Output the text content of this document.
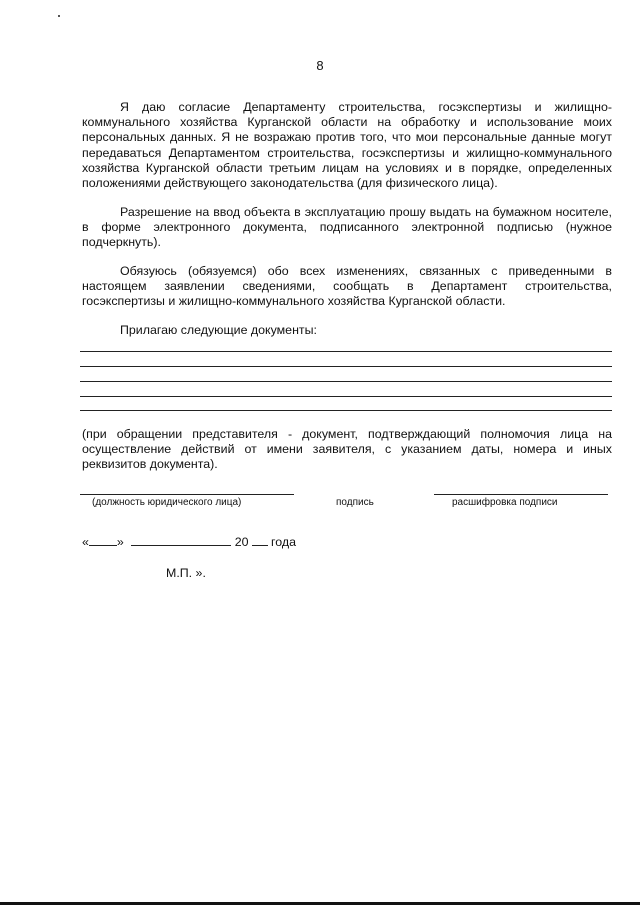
8

Я даю согласие Департаменту строительства, госэкспертизы и жилищно-коммунального хозяйства Курганской области на обработку и использование моих персональных данных. Я не возражаю против того, что мои персональные данные могут передаваться Департаментом строительства, госэкспертизы и жилищно-коммунального хозяйства Курганской области третьим лицам на условиях и в порядке, определенных положениями действующего законодательства (для физического лица).

Разрешение на ввод объекта в эксплуатацию прошу выдать на бумажном носителе, в форме электронного документа, подписанного электронной подписью (нужное подчеркнуть).

Обязуюсь (обязуемся) обо всех изменениях, связанных с приведенными в настоящем заявлении сведениями, сообщать в Департамент строительства, госэкспертизы и жилищно-коммунального хозяйства Курганской области.

Прилагаю следующие документы:

(при обращении представителя - документ, подтверждающий полномочия лица на осуществление действий от имени заявителя, с указанием даты, номера и иных реквизитов документа).

(должность юридического лица)	подпись	расшифровка подписи
« »	20 года
М.П. ».
